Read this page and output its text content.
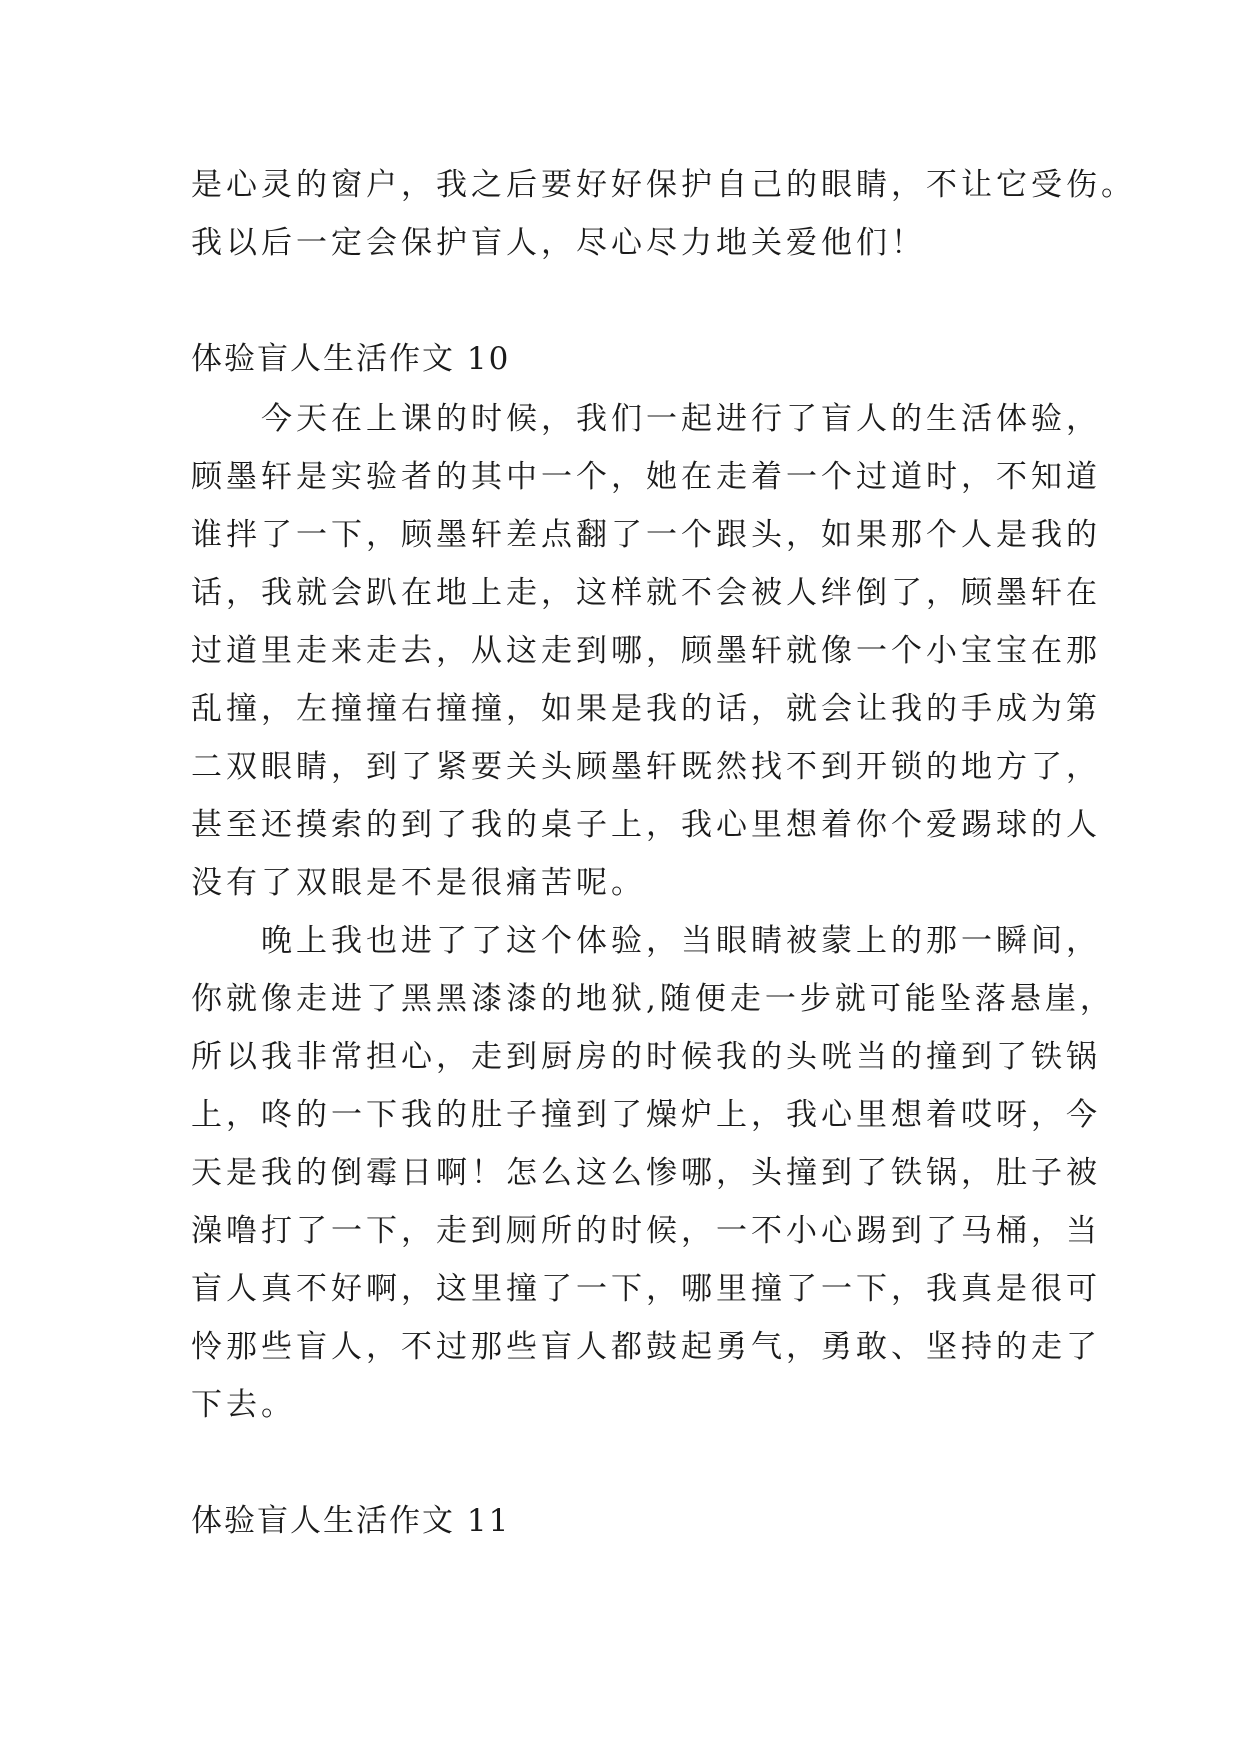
是心灵的窗户，我之后要好好保护自己的眼睛，不让它受伤。
我以后一定会保护盲人，尽心尽力地关爱他们！
体验盲人生活作文 10
今天在上课的时候，我们一起进行了盲人的生活体验，
顾墨轩是实验者的其中一个，她在走着一个过道时，不知道
谁拌了一下，顾墨轩差点翻了一个跟头，如果那个人是我的
话，我就会趴在地上走，这样就不会被人绊倒了，顾墨轩在
过道里走来走去，从这走到哪，顾墨轩就像一个小宝宝在那
乱撞，左撞撞右撞撞，如果是我的话，就会让我的手成为第
二双眼睛，到了紧要关头顾墨轩既然找不到开锁的地方了，
甚至还摸索的到了我的桌子上，我心里想着你个爱踢球的人
没有了双眼是不是很痛苦呢。
晚上我也进了了这个体验，当眼睛被蒙上的那一瞬间，
你就像走进了黑黑漆漆的地狱,随便走一步就可能坠落悬崖，
所以我非常担心，走到厨房的时候我的头咣当的撞到了铁锅
上，咚的一下我的肚子撞到了燥炉上，我心里想着哎呀，今
天是我的倒霉日啊！怎么这么惨哪，头撞到了铁锅，肚子被
澡噜打了一下，走到厕所的时候，一不小心踢到了马桶，当
盲人真不好啊，这里撞了一下，哪里撞了一下，我真是很可
怜那些盲人，不过那些盲人都鼓起勇气，勇敢、坚持的走了
下去。
体验盲人生活作文 11
